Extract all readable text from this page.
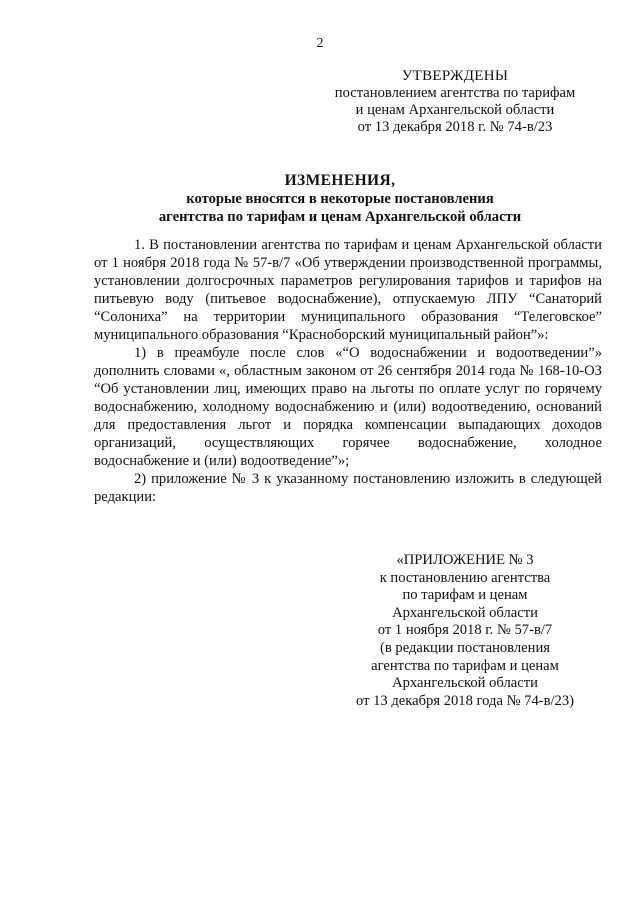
2
УТВЕРЖДЕНЫ
постановлением агентства по тарифам
и ценам Архангельской области
от 13 декабря 2018 г. № 74-в/23
ИЗМЕНЕНИЯ,
которые вносятся в некоторые постановления
агентства по тарифам и ценам Архангельской области

1. В постановлении агентства по тарифам и ценам Архангельской области от 1 ноября 2018 года № 57-в/7 «Об утверждении производственной программы, установлении долгосрочных параметров регулирования тарифов и тарифов на питьевую воду (питьевое водоснабжение), отпускаемую ЛПУ “Санаторий “Солониха” на территории муниципального образования “Телеговское” муниципального образования “Красноборский муниципальный район”»:

1) в преамбуле после слов «“О водоснабжении и водоотведении”» дополнить словами «, областным законом от 26 сентября 2014 года № 168-10-ОЗ “Об установлении лиц, имеющих право на льготы по оплате услуг по горячему водоснабжению, холодному водоснабжению и (или) водоотведению, оснований для предоставления льгот и порядка компенсации выпадающих доходов организаций, осуществляющих горячее водоснабжение, холодное водоснабжение и (или) водоотведение”»;

2) приложение № 3 к указанному постановлению изложить в следующей редакции:

«ПРИЛОЖЕНИЕ № 3
к постановлению агентства
по тарифам и ценам
Архангельской области
от 1 ноября 2018 г. № 57-в/7
(в редакции постановления
агентства по тарифам и ценам
Архангельской области
от 13 декабря 2018 года № 74-в/23)
